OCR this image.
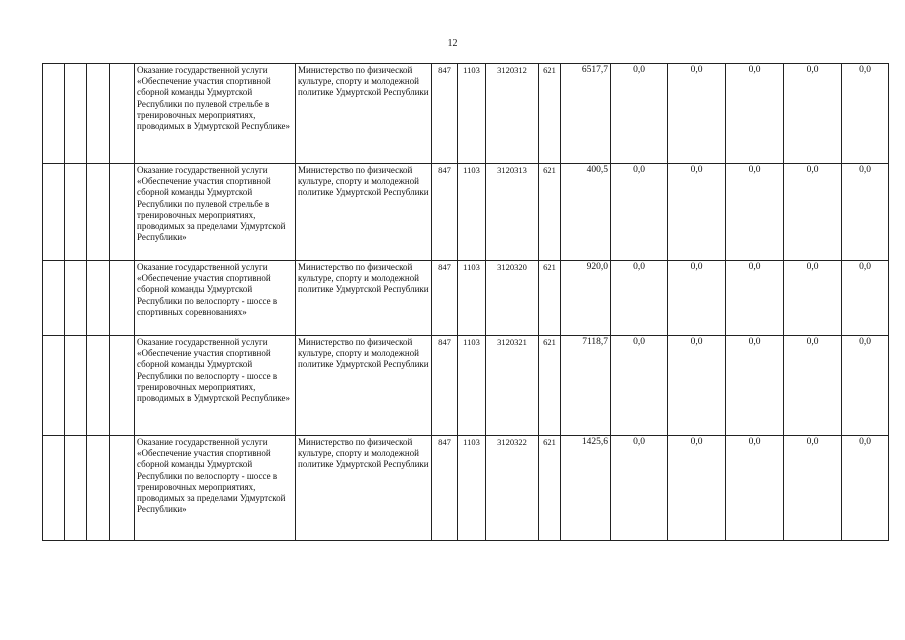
12
				Оказание государственной услуги «Обеспечение участия спортивной сборной команды Удмуртской Республики по пулевой стрельбе в тренировочных мероприятиях, проводимых в Удмуртской Республике»	Министерство по физической культуре, спорту и молодежной политике Удмуртской Республики	847	1103	3120312	621	6517,7	0,0	0,0	0,0	0,0	0,0
				Оказание государственной услуги «Обеспечение участия спортивной сборной команды Удмуртской Республики по пулевой стрельбе в тренировочных мероприятиях, проводимых за пределами Удмуртской Республики»	Министерство по физической культуре, спорту и молодежной политике Удмуртской Республики	847	1103	3120313	621	400,5	0,0	0,0	0,0	0,0	0,0
				Оказание государственной услуги «Обеспечение участия спортивной сборной команды Удмуртской Республики по велоспорту - шоссе в спортивных соревнованиях»	Министерство по физической культуре, спорту и молодежной политике Удмуртской Республики	847	1103	3120320	621	920,0	0,0	0,0	0,0	0,0	0,0
				Оказание государственной услуги «Обеспечение участия спортивной сборной команды Удмуртской Республики по велоспорту - шоссе в тренировочных мероприятиях, проводимых в Удмуртской Республике»	Министерство по физической культуре, спорту и молодежной политике Удмуртской Республики	847	1103	3120321	621	7118,7	0,0	0,0	0,0	0,0	0,0
				Оказание государственной услуги «Обеспечение участия спортивной сборной команды Удмуртской Республики по велоспорту - шоссе в тренировочных мероприятиях, проводимых за пределами Удмуртской Республики»	Министерство по физической культуре, спорту и молодежной политике Удмуртской Республики	847	1103	3120322	621	1425,6	0,0	0,0	0,0	0,0	0,0
